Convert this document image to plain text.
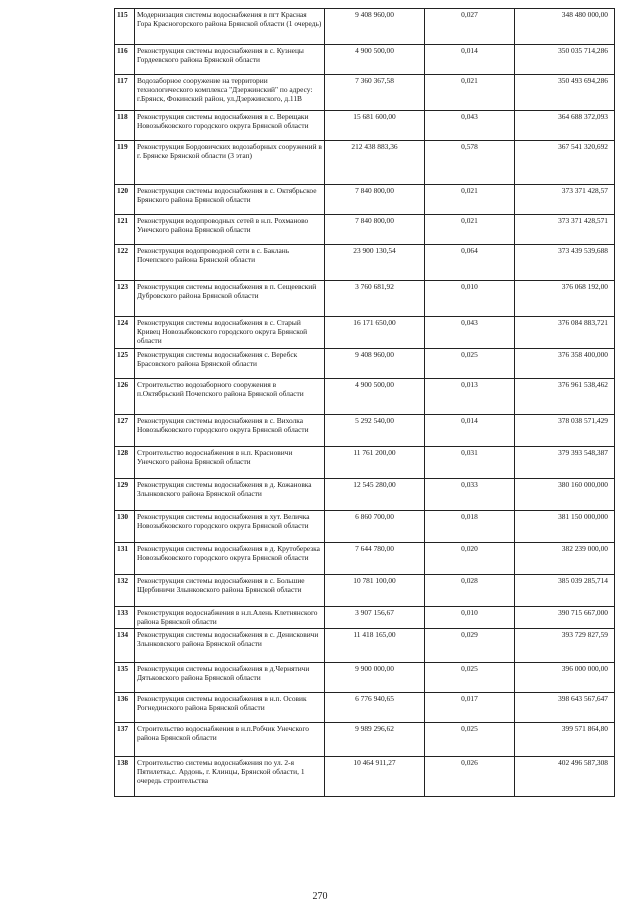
115	Модернизация системы водоснабжения в пгт Красная Гора Красногорского района Брянской области (1 очередь)	9 408 960,00	0,027	348 480 000,00
116	Реконструкция системы водоснабжения в с. Кузнецы Гордеевского района Брянской области	4 900 500,00	0,014	350 035 714,286
117	Водозаборное сооружение на территории технологического комплекса "Дзержинский" по адресу: г.Брянск, Фокинский район, ул.Дзержинского, д.11В	7 360 367,58	0,021	350 493 694,286
118	Реконструкция системы водоснабжения в с. Верещаки Новозыбковского городского округа Брянской области	15 681 600,00	0,043	364 688 372,093
119	Реконструкция Бордовичских водозаборных сооружений в г. Брянске Брянской области (3 этап)	212 438 883,36	0,578	367 541 320,692
120	Реконструкция системы водоснабжения в с. Октябрьское Брянского района Брянской области	7 840 800,00	0,021	373 371 428,57
121	Реконструкция водопроводных сетей в н.п. Рохманово Унечского района Брянской области	7 840 800,00	0,021	373 371 428,571
122	Реконструкция водопроводной сети в с. Баклань Почепского района Брянской области	23 900 130,54	0,064	373 439 539,688
123	Реконструкция системы водоснабжения в п. Сещеевский Дубровского района Брянской области	3 760 681,92	0,010	376 068 192,00
124	Реконструкция системы водоснабжения в с. Старый Кривец Новозыбковского городского округа Брянской области	16 171 650,00	0,043	376 084 883,721
125	Реконструкция системы водоснабжения с. Веребск Брасовского района Брянской области	9 408 960,00	0,025	376 358 400,000
126	Строительство водозаборного сооружения в п.Октябрьский Почепского района Брянской области	4 900 500,00	0,013	376 961 538,462
127	Реконструкция системы водоснабжения в с. Вихолка Новозыбковского городского округа Брянской области	5 292 540,00	0,014	378 038 571,429
128	Строительство водоснабжения в н.п. Красновичи Унечского района Брянской области	11 761 200,00	0,031	379 393 548,387
129	Реконструкция системы водоснабжения в д. Кожановка Злынковского района Брянской области	12 545 280,00	0,033	380 160 000,000
130	Реконструкция системы водоснабжения в хут. Величка Новозыбковского городского округа Брянской области	6 860 700,00	0,018	381 150 000,000
131	Реконструкция системы водоснабжения в д. Крутоберезка Новозыбковского городского округа Брянской области	7 644 780,00	0,020	382 239 000,00
132	Реконструкция системы водоснабжения в с. Большие Щербиничи Злынковского района Брянской области	10 781 100,00	0,028	385 039 285,714
133	Реконструкция водоснабжения в н.п.Алень Клетнянского района Брянской области	3 907 156,67	0,010	390 715 667,000
134	Реконструкция системы водоснабжения в с. Денисковичи Злынковского района Брянской области	11 418 165,00	0,029	393 729 827,59
135	Реконструкция системы водоснабжения в д.Чернятичи Дятьковского района Брянской области	9 900 000,00	0,025	396 000 000,00
136	Реконструкция системы водоснабжения в н.п. Осовик Рогнединского района Брянской области	6 776 940,65	0,017	398 643 567,647
137	Строительство водоснабжения в н.п.Робчик Унечского района Брянской области	9 989 296,62	0,025	399 571 864,80
138	Строительство системы водоснабжения по ул. 2-я Пятилетка,с. Ардонь, г. Клинцы, Брянской области, 1 очередь строительства	10 464 911,27	0,026	402 496 587,308
270
